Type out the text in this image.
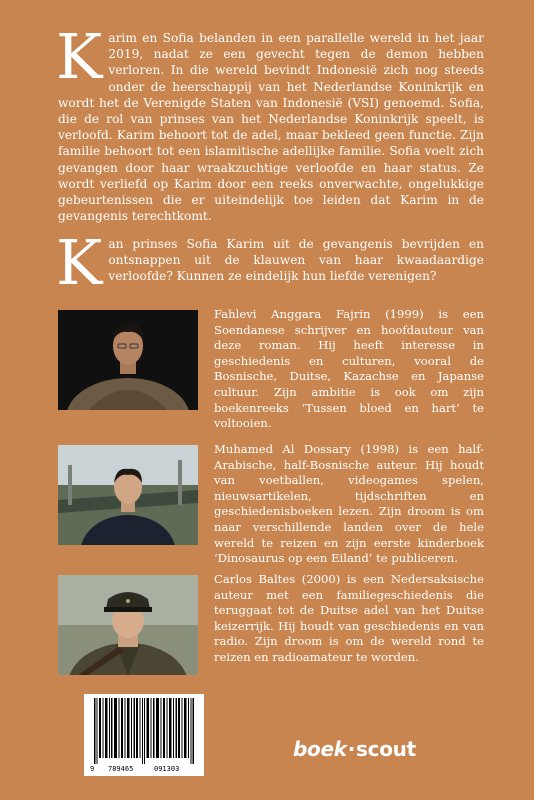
Karim en Sofia belanden in een parallelle wereld in het jaar 2019, nadat ze een gevecht tegen de demon hebben verloren. In die wereld bevindt Indonesië zich nog steeds onder de heerschappij van het Nederlandse Koninkrijk en wordt het de Verenigde Staten van Indonesië (VSI) genoemd. Sofia, die de rol van prinses van het Nederlandse Koninkrijk speelt, is verloofd. Karim behoort tot de adel, maar bekleed geen functie. Zijn familie behoort tot een islamitische adellijke familie. Sofia voelt zich gevangen door haar wraakzuchtige verloofde en haar status. Ze wordt verliefd op Karim door een reeks onverwachte, ongelukkige gebeurtenissen die er uiteindelijk toe leiden dat Karim in de gevangenis terechtkomt.

Kan prinses Sofia Karim uit de gevangenis bevrijden en ontsnappen uit de klauwen van haar kwaadaardige verloofde? Kunnen ze eindelijk hun liefde verenigen?

Fahlevi Anggara Fajrin (1999) is een Soendanese schrijver en hoofdauteur van deze roman. Hij heeft interesse in geschiedenis en culturen, vooral de Bosnische, Duitse, Kazachse en Japanse cultuur. Zijn ambitie is ook om zijn boekenreeks ‘Tussen bloed en hart’ te voltooien.

Muhamed Al Dossary (1998) is een half-Arabische, half-Bosnische auteur. Hij houdt van voetballen, videogames spelen, nieuwsartikelen, tijdschriften en geschiedenisboeken lezen. Zijn droom is om naar verschillende landen over de hele wereld te reizen en zijn eerste kinderboek ‘Dinosaurus op een Eiland’ te publiceren.

Carlos Baltes (2000) is een Nedersaksische auteur met een familiegeschiedenis die teruggaat tot de Duitse adel van het Duitse keizerrijk. Hij houdt van geschiedenis en van radio. Zijn droom is om de wereld rond te reizen en radioamateur te worden.

9 789465	091303
boek·scout
